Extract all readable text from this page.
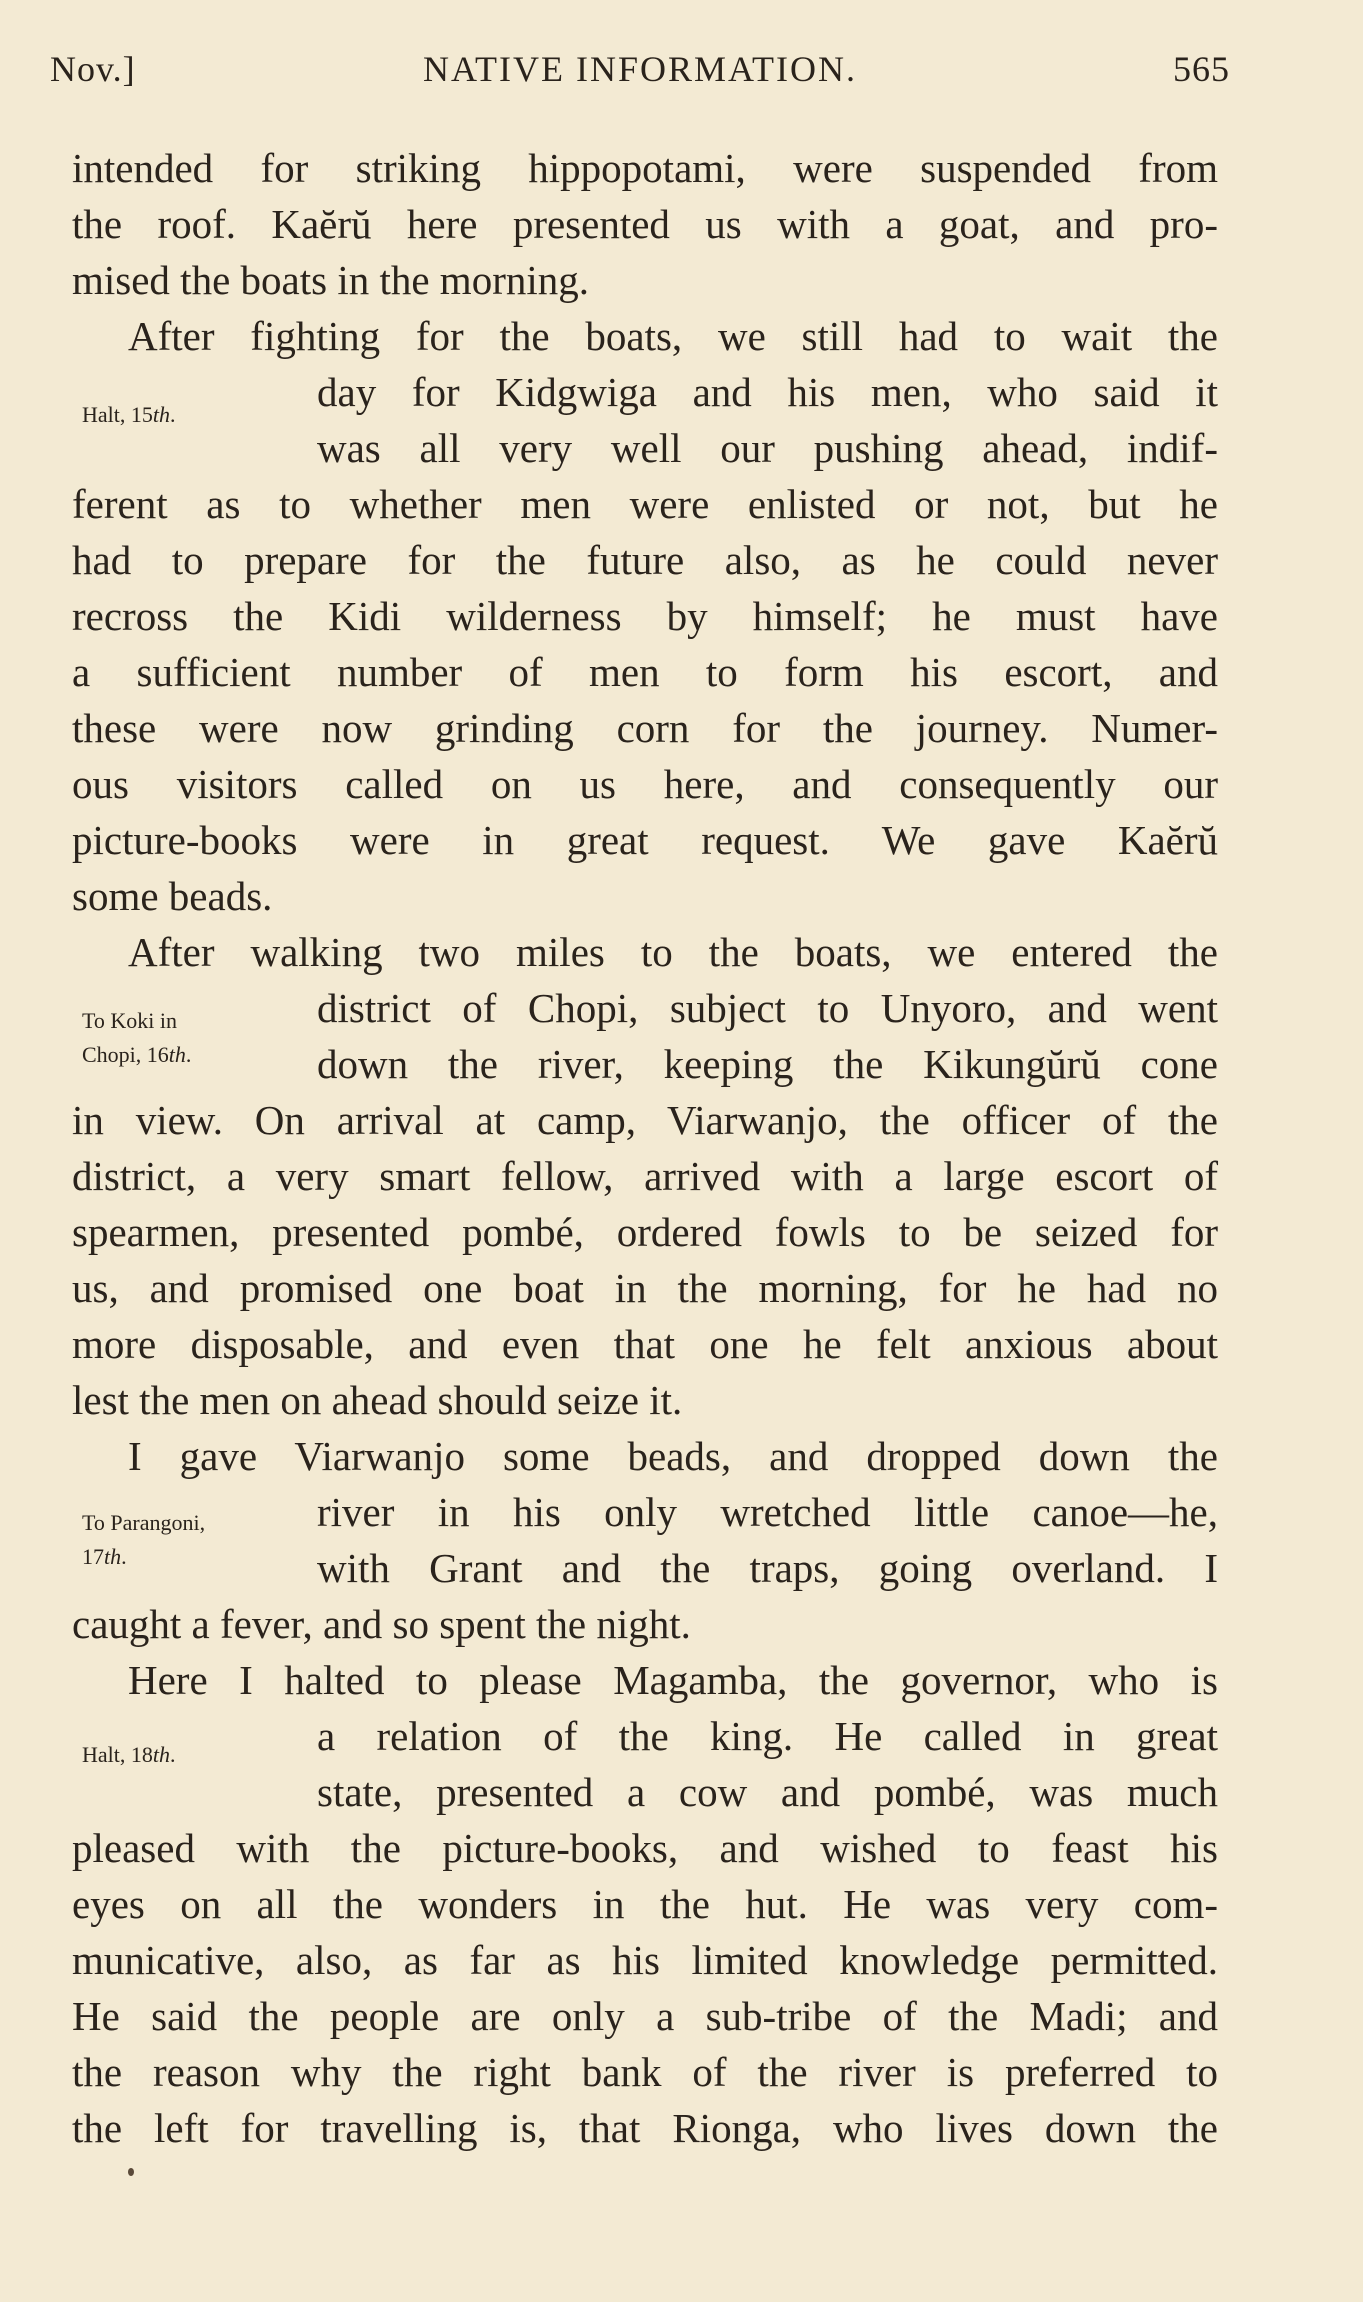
Nov.]	NATIVE INFORMATION.	565
Halt, 15th.
To Koki in
Chopi, 16th.
To Parangoni,
17th.
Halt, 18th.
intended for striking hippopotami, were suspended from
the roof. Kaĕrŭ here presented us with a goat, and pro-
mised the boats in the morning.
After fighting for the boats, we still had to wait the
day for Kidgwiga and his men, who said it
was all very well our pushing ahead, indif-
ferent as to whether men were enlisted or not, but he
had to prepare for the future also, as he could never
recross the Kidi wilderness by himself; he must have
a sufficient number of men to form his escort, and
these were now grinding corn for the journey. Numer-
ous visitors called on us here, and consequently our
picture-books were in great request. We gave Kaĕrŭ
some beads.
After walking two miles to the boats, we entered the
district of Chopi, subject to Unyoro, and went
down the river, keeping the Kikungŭrŭ cone
in view. On arrival at camp, Viarwanjo, the officer of the
district, a very smart fellow, arrived with a large escort of
spearmen, presented pombé, ordered fowls to be seized for
us, and promised one boat in the morning, for he had no
more disposable, and even that one he felt anxious about
lest the men on ahead should seize it.
I gave Viarwanjo some beads, and dropped down the
river in his only wretched little canoe—he,
with Grant and the traps, going overland. I
caught a fever, and so spent the night.
Here I halted to please Magamba, the governor, who is
a relation of the king. He called in great
state, presented a cow and pombé, was much
pleased with the picture-books, and wished to feast his
eyes on all the wonders in the hut. He was very com-
municative, also, as far as his limited knowledge permitted.
He said the people are only a sub-tribe of the Madi; and
the reason why the right bank of the river is preferred to
the left for travelling is, that Rionga, who lives down the
